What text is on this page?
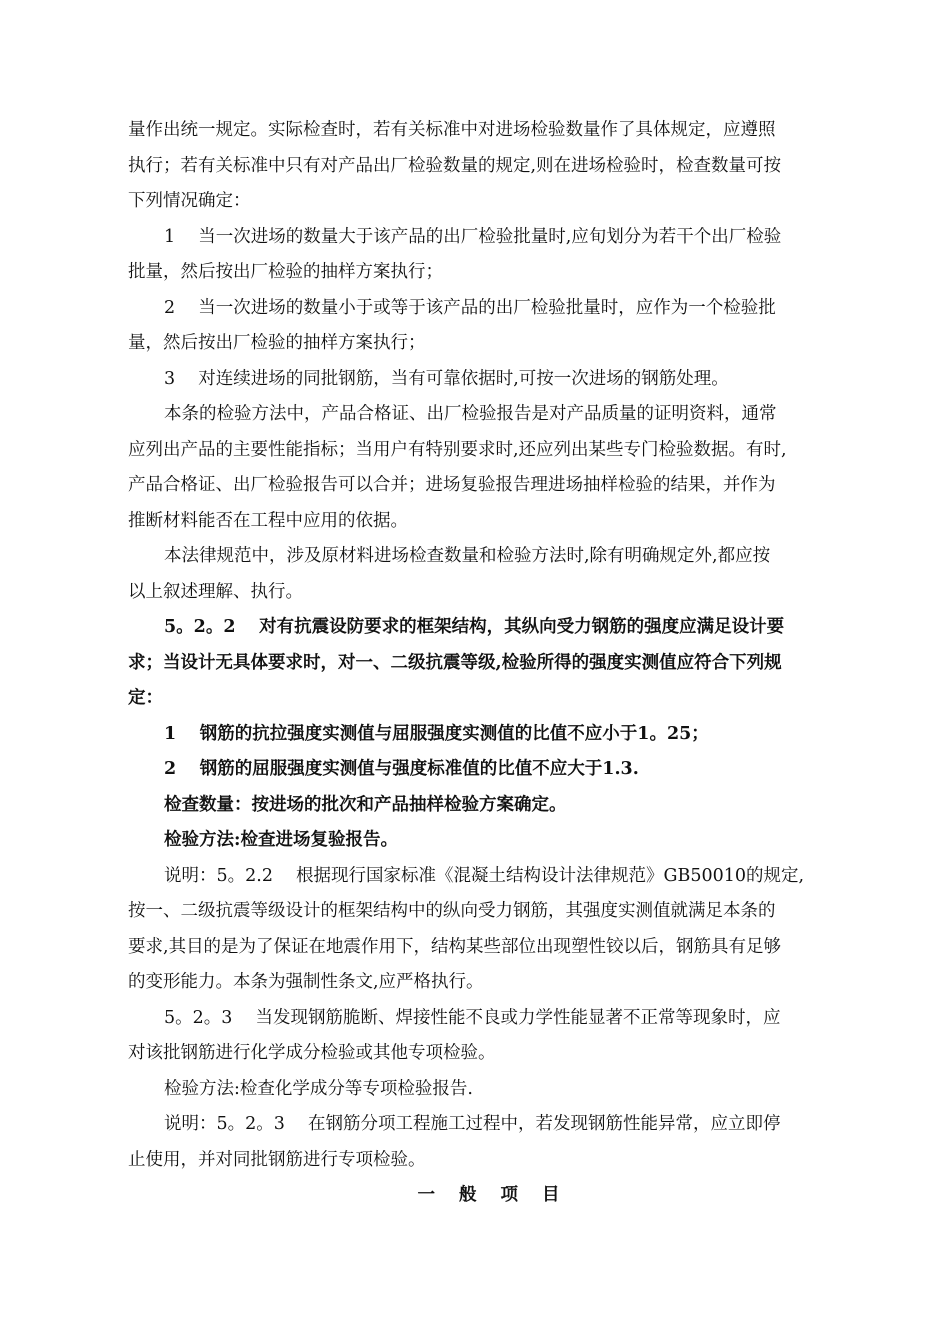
量作出统一规定。实际检查时，若有关标准中对进场检验数量作了具体规定，应遵照
执行；若有关标准中只有对产品出厂检验数量的规定,则在进场检验时，检查数量可按
下列情况确定：
1　 当一次进场的数量大于该产品的出厂检验批量时,应旬划分为若干个出厂检验
批量，然后按出厂检验的抽样方案执行；
2　 当一次进场的数量小于或等于该产品的出厂检验批量时，应作为一个检验批
量，然后按出厂检验的抽样方案执行；
3　 对连续进场的同批钢筋，当有可靠依据时,可按一次进场的钢筋处理。
本条的检验方法中，产品合格证、出厂检验报告是对产品质量的证明资料，通常
应列出产品的主要性能指标；当用户有特别要求时,还应列出某些专门检验数据。有时,
产品合格证、出厂检验报告可以合并；进场复验报告理进场抽样检验的结果，并作为
推断材料能否在工程中应用的依据。
本法律规范中，涉及原材料进场检查数量和检验方法时,除有明确规定外,都应按
以上叙述理解、执行。
5。2。2　 对有抗震设防要求的框架结构，其纵向受力钢筋的强度应满足设计要
求；当设计无具体要求时，对一、二级抗震等级,检验所得的强度实测值应符合下列规
定：
1　 钢筋的抗拉强度实测值与屈服强度实测值的比值不应小于1。25；
2　 钢筋的屈服强度实测值与强度标准值的比值不应大于1.3.
检查数量：按进场的批次和产品抽样检验方案确定。
检验方法:检查进场复验报告。
说明：5。2.2　 根据现行国家标准《混凝土结构设计法律规范》GB50010的规定,
按一、二级抗震等级设计的框架结构中的纵向受力钢筋，其强度实测值就满足本条的
要求,其目的是为了保证在地震作用下，结构某些部位出现塑性铰以后，钢筋具有足够
的变形能力。本条为强制性条文,应严格执行。
5。2。3　 当发现钢筋脆断、焊接性能不良或力学性能显著不正常等现象时，应
对该批钢筋进行化学成分检验或其他专项检验。
检验方法:检查化学成分等专项检验报告.
说明：5。2。3　 在钢筋分项工程施工过程中，若发现钢筋性能异常，应立即停
止使用，并对同批钢筋进行专项检验。
一般项目
